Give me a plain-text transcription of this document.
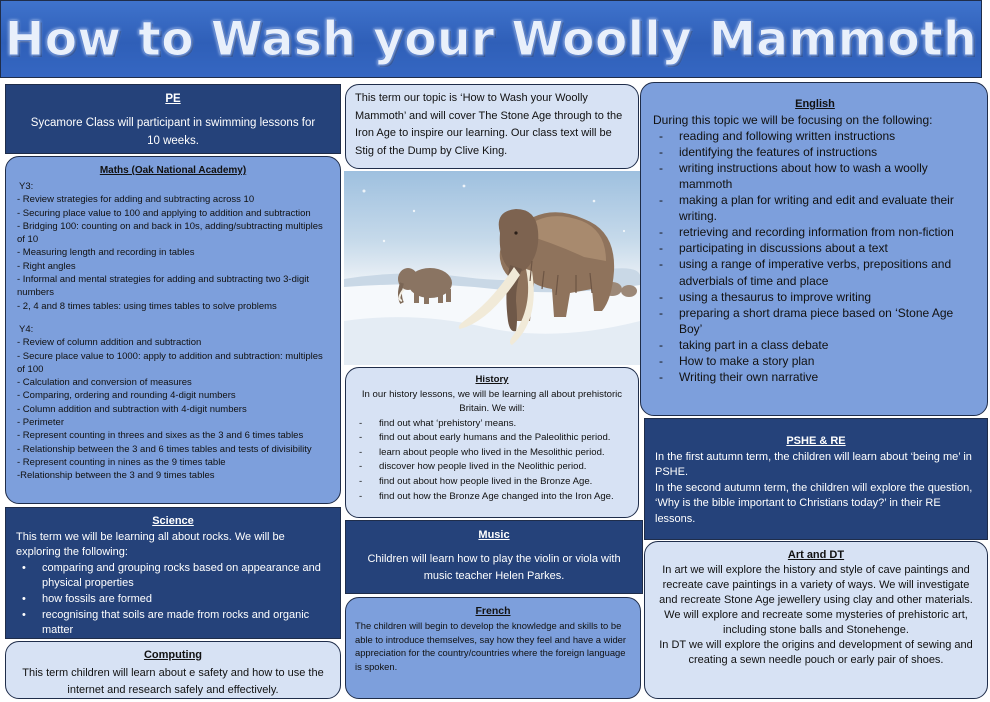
How to Wash your Woolly Mammoth
PE
Sycamore Class will participant in swimming lessons for 10 weeks.
Maths (Oak National Academy)
Y3:
- Review strategies for adding and subtracting across 10
- Securing place value to 100 and applying to addition and subtraction
- Bridging 100: counting on and back in 10s, adding/subtracting multiples of 10
- Measuring length and recording in tables
- Right angles
- Informal and mental strategies for adding and subtracting two 3-digit numbers
- 2, 4 and 8 times tables: using times tables to solve problems
Y4:
- Review of column addition and subtraction
- Secure place value to 1000: apply to addition and subtraction: multiples of 100
- Calculation and conversion of measures
- Comparing, ordering and rounding 4-digit numbers
- Column addition and subtraction with 4-digit numbers
- Perimeter
- Represent counting in threes and sixes as the 3 and 6 times tables
- Relationship between the 3 and 6 times tables and tests of divisibility
- Represent counting in nines as the 9 times table
-Relationship between the 3 and 9 times tables
Science
This term we will be learning all about rocks. We will be exploring the following:
• comparing and grouping rocks based on appearance and physical properties
• how fossils are formed
• recognising that soils are made from rocks and organic matter
Computing
This term children will learn about e safety and how to use the internet and research safely and effectively.
This term our topic is ‘How to Wash your Woolly Mammoth’ and will cover The Stone Age through to the Iron Age to inspire our learning. Our class text will be Stig of the Dump by Clive King.
History
In our history lessons, we will be learning all about prehistoric Britain. We will:
- find out what ‘prehistory’ means.
- find out about early humans and the Paleolithic period.
- learn about people who lived in the Mesolithic period.
- discover how people lived in the Neolithic period.
- find out about how people lived in the Bronze Age.
- find out how the Bronze Age changed into the Iron Age.
Music
Children will learn how to play the violin or viola with music teacher Helen Parkes.
French
The children will begin to develop the knowledge and skills to be able to introduce themselves, say how they feel and have a wider appreciation for the country/countries where the foreign language is spoken.
English
During this topic we will be focusing on the following:
- reading and following written instructions
- identifying the features of instructions
- writing instructions about how to wash a woolly mammoth
- making a plan for writing and edit and evaluate their writing.
- retrieving and recording information from non-fiction
- participating in discussions about a text
- using a range of imperative verbs, prepositions and adverbials of time and place
- using a thesaurus to improve writing
- preparing a short drama piece based on ‘Stone Age Boy’
- taking part in a class debate
- How to make a story plan
- Writing their own narrative
PSHE & RE
In the first autumn term, the children will learn about ‘being me’ in PSHE.
In the second autumn term, the children will explore the question, ‘Why is the bible important to Christians today?’ in their RE lessons.
Art and DT
In art we will explore the history and style of cave paintings and recreate cave paintings in a variety of ways. We will investigate and recreate Stone Age jewellery using clay and other materials. We will explore and recreate some mysteries of prehistoric art, including stone balls and Stonehenge.
In DT we will explore the origins and development of sewing and creating a sewn needle pouch or early pair of shoes.
